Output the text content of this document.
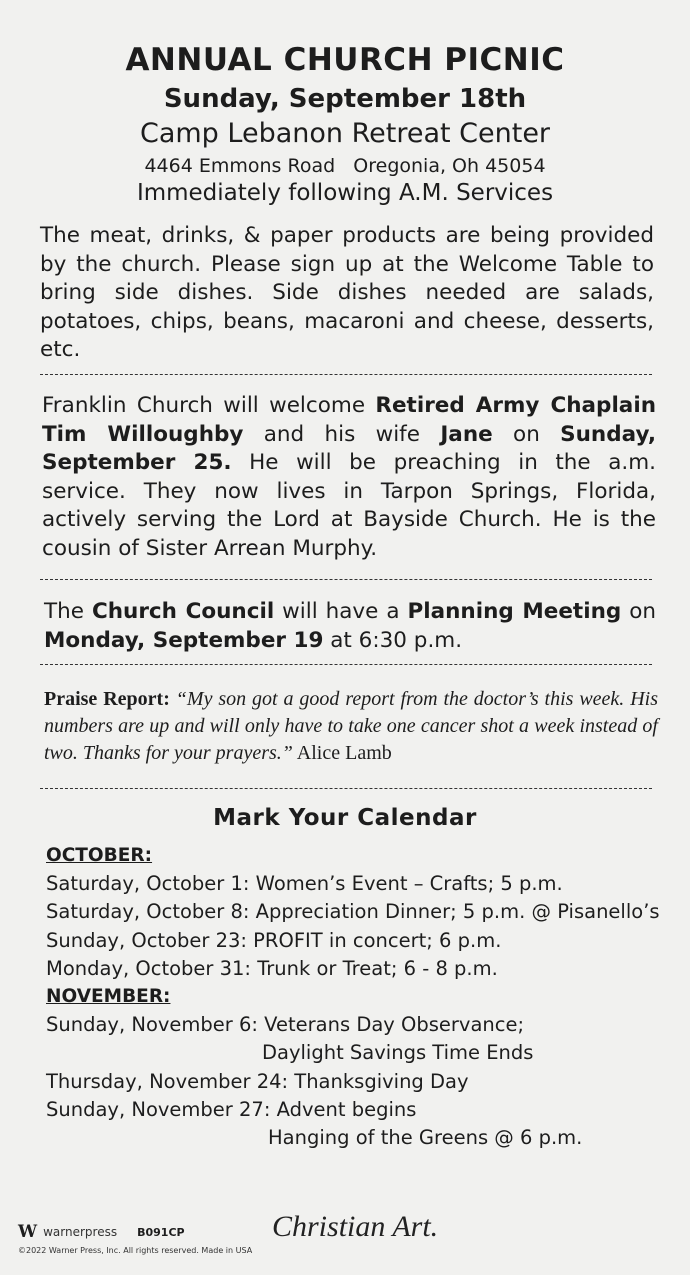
ANNUAL CHURCH PICNIC
Sunday, September 18th
Camp Lebanon Retreat Center
4464 Emmons Road   Oregonia, Oh 45054
Immediately following A.M. Services
The meat, drinks, & paper products are being provided by the church. Please sign up at the Welcome Table to bring side dishes. Side dishes needed are salads, potatoes, chips, beans, macaroni and cheese, desserts, etc.
Franklin Church will welcome Retired Army Chaplain Tim Willoughby and his wife Jane on Sunday, September 25. He will be preaching in the a.m. service. They now lives in Tarpon Springs, Florida, actively serving the Lord at Bayside Church. He is the cousin of Sister Arrean Murphy.
The Church Council will have a Planning Meeting on Monday, September 19 at 6:30 p.m.
Praise Report: “My son got a good report from the doctor’s this week. His numbers are up and will only have to take one cancer shot a week instead of two. Thanks for your prayers.” Alice Lamb
Mark Your Calendar
OCTOBER:
Saturday, October 1: Women’s Event – Crafts; 5 p.m.
Saturday, October 8: Appreciation Dinner; 5 p.m. @ Pisanello’s
Sunday, October 23: PROFIT in concert; 6 p.m.
Monday, October 31: Trunk or Treat; 6 - 8 p.m.
NOVEMBER:
Sunday, November 6: Veterans Day Observance;
Daylight Savings Time Ends
Thursday, November 24: Thanksgiving Day
Sunday, November 27: Advent begins
Hanging of the Greens @ 6 p.m.
W warnerpress B091CP
©2022 Warner Press, Inc. All rights reserved. Made in USA
Christian Art.
